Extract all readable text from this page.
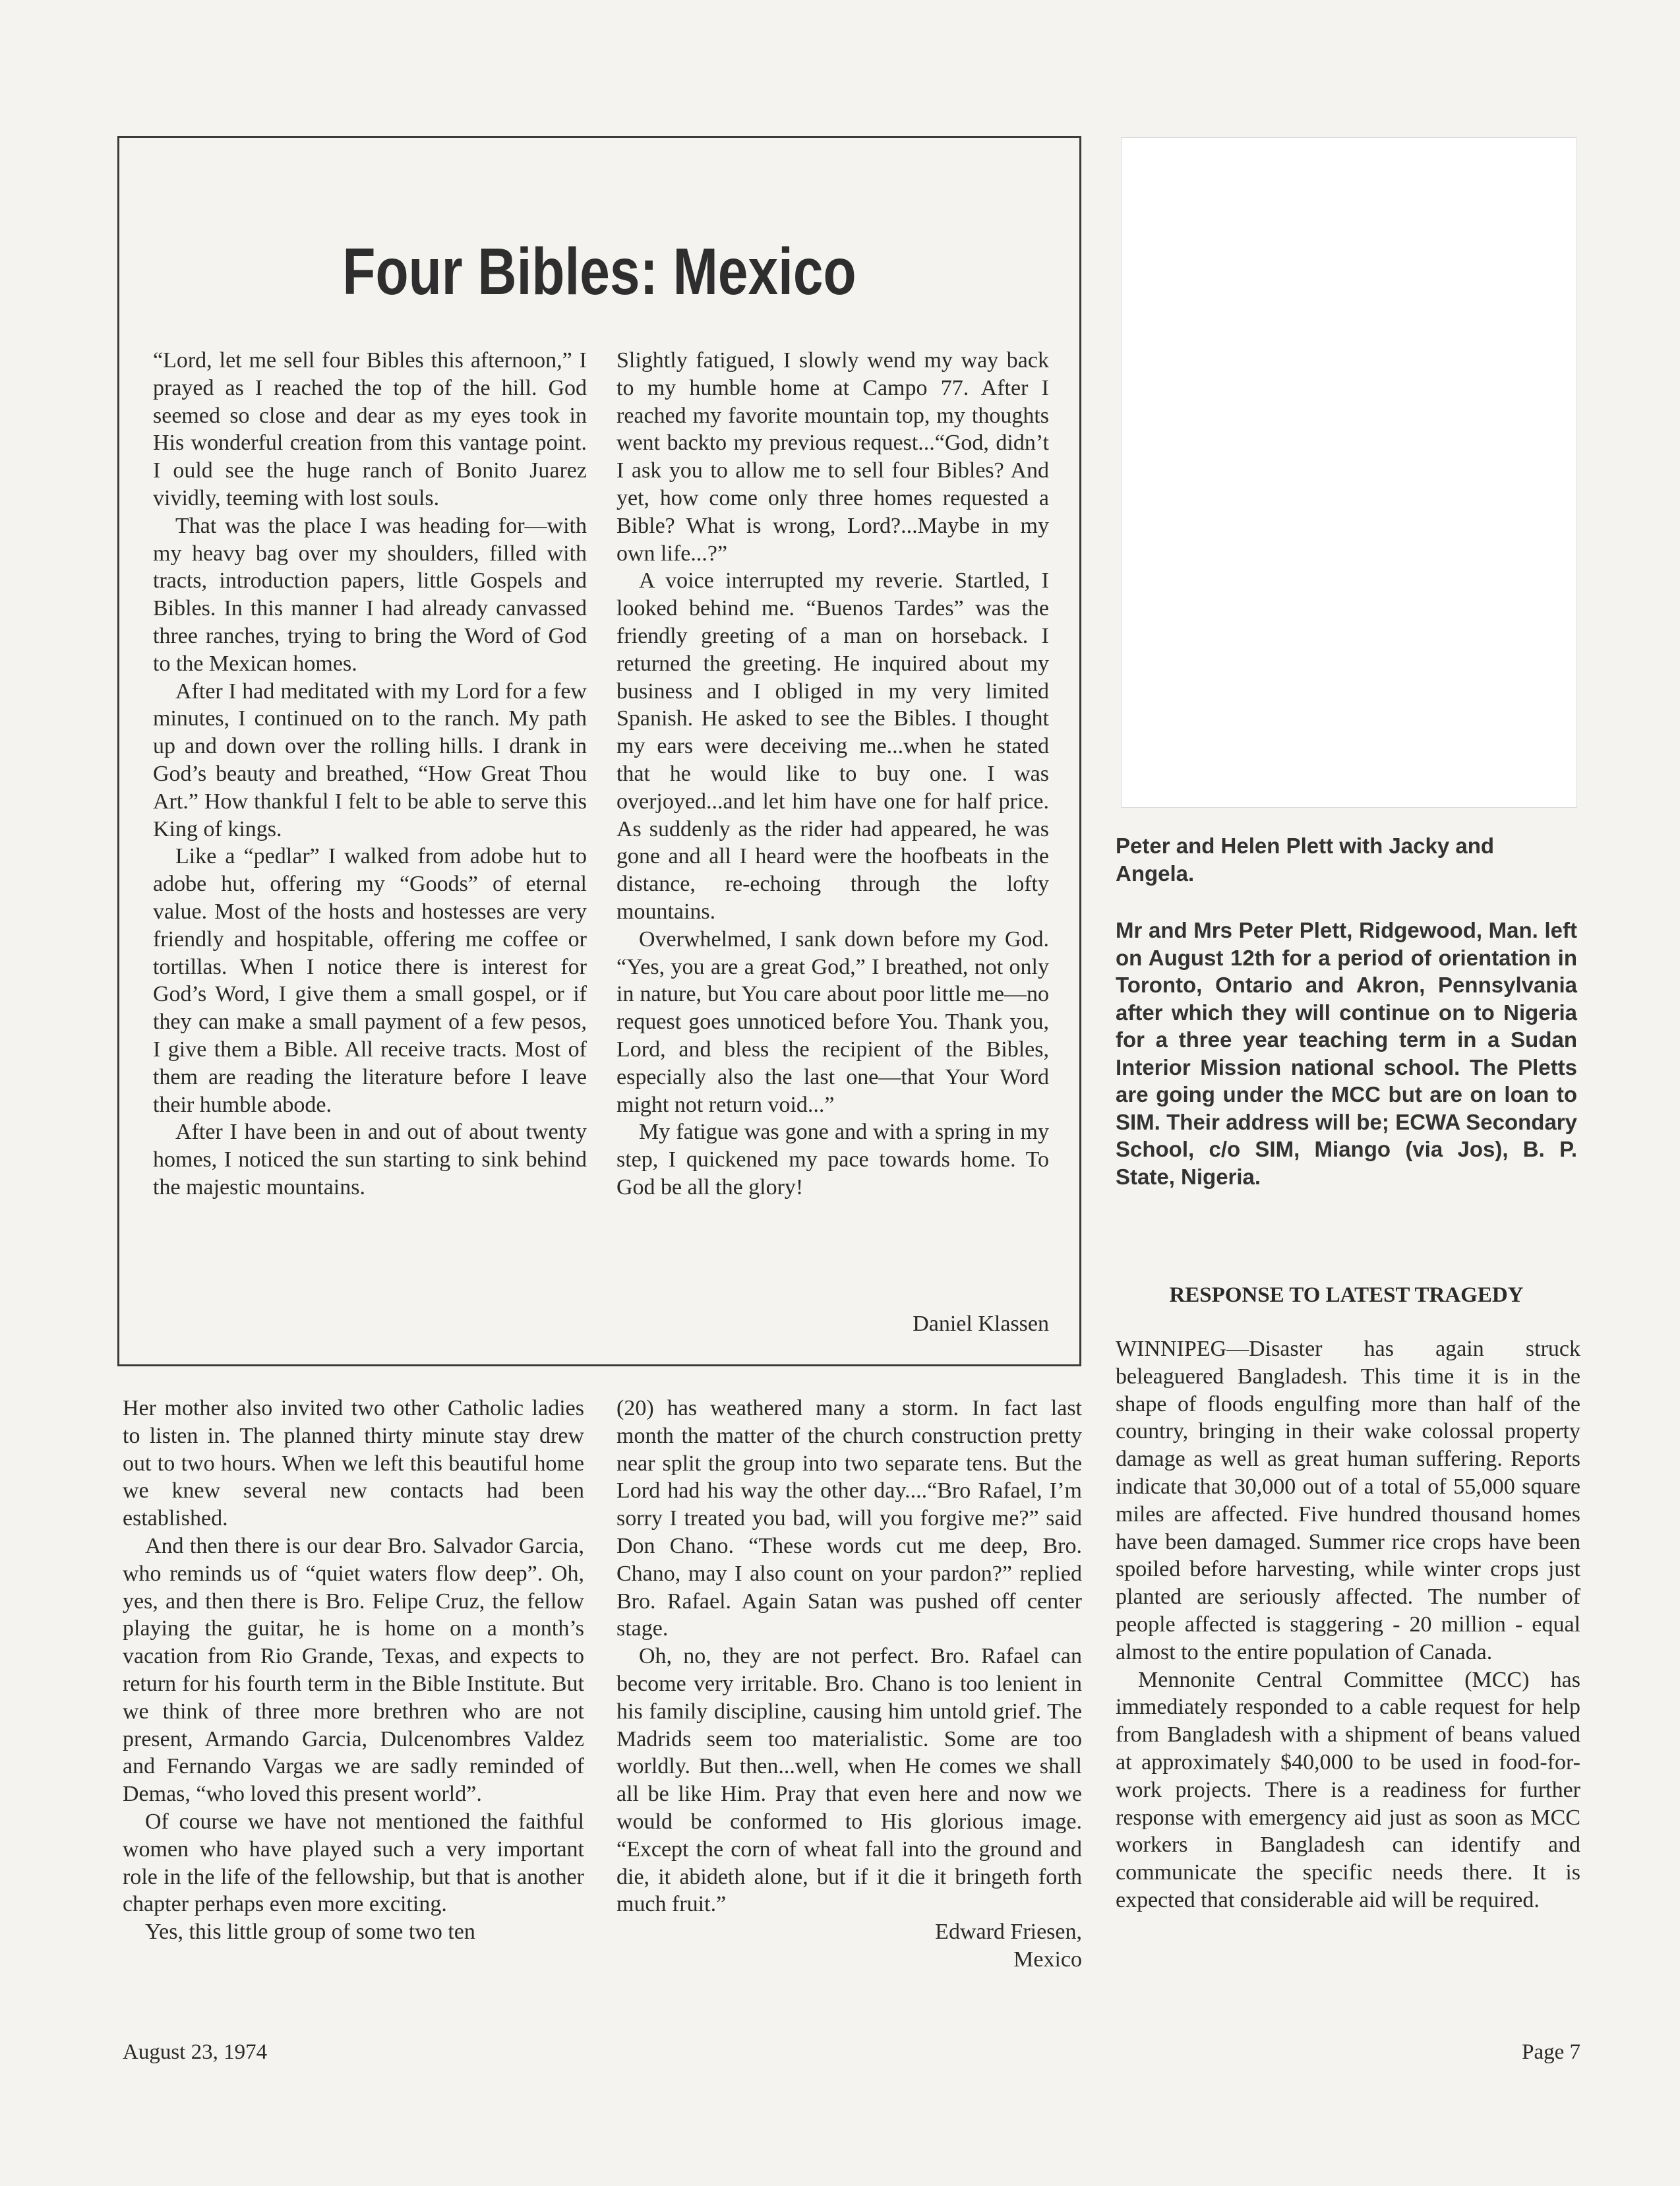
Four Bibles: Mexico

“Lord, let me sell four Bibles this afternoon,” I prayed as I reached the top of the hill. God seemed so close and dear as my eyes took in His wonderful creation from this vantage point. I ould see the huge ranch of Bonito Juarez vividly, teeming with lost souls.

That was the place I was heading for—with my heavy bag over my shoulders, filled with tracts, introduction papers, little Gospels and Bibles. In this manner I had already canvassed three ranches, trying to bring the Word of God to the Mexican homes.

After I had meditated with my Lord for a few minutes, I continued on to the ranch. My path up and down over the rolling hills. I drank in God’s beauty and breathed, “How Great Thou Art.” How thankful I felt to be able to serve this King of kings.

Like a “pedlar” I walked from adobe hut to adobe hut, offering my “Goods” of eternal value. Most of the hosts and hostesses are very friendly and hospitable, offering me coffee or tortillas. When I notice there is interest for God’s Word, I give them a small gospel, or if they can make a small payment of a few pesos, I give them a Bible. All receive tracts. Most of them are reading the literature before I leave their humble abode.

After I have been in and out of about twenty homes, I noticed the sun starting to sink behind the majestic mountains.

Slightly fatigued, I slowly wend my way back to my humble home at Campo 77. After I reached my favorite mountain top, my thoughts went backto my previous request...“God, didn’t I ask you to allow me to sell four Bibles? And yet, how come only three homes requested a Bible? What is wrong, Lord?...Maybe in my own life...?”

A voice interrupted my reverie. Startled, I looked behind me. “Buenos Tardes” was the friendly greeting of a man on horseback. I returned the greeting. He inquired about my business and I obliged in my very limited Spanish. He asked to see the Bibles. I thought my ears were deceiving me...when he stated that he would like to buy one. I was overjoyed...and let him have one for half price. As suddenly as the rider had appeared, he was gone and all I heard were the hoofbeats in the distance, re-echoing through the lofty mountains.

Overwhelmed, I sank down before my God. “Yes, you are a great God,” I breathed, not only in nature, but You care about poor little me—no request goes unnoticed before You. Thank you, Lord, and bless the recipient of the Bibles, especially also the last one—that Your Word might not return void...”

My fatigue was gone and with a spring in my step, I quickened my pace towards home. To God be all the glory!

Daniel Klassen

Her mother also invited two other Catholic ladies to listen in. The planned thirty minute stay drew out to two hours. When we left this beautiful home we knew several new contacts had been established.

And then there is our dear Bro. Salvador Garcia, who reminds us of “quiet waters flow deep”. Oh, yes, and then there is Bro. Felipe Cruz, the fellow playing the guitar, he is home on a month’s vacation from Rio Grande, Texas, and expects to return for his fourth term in the Bible Institute. But we think of three more brethren who are not present, Armando Garcia, Dulcenombres Valdez and Fernando Vargas we are sadly reminded of Demas, “who loved this present world”.

Of course we have not mentioned the faithful women who have played such a very important role in the life of the fellowship, but that is another chapter perhaps even more exciting.

Yes, this little group of some two ten

(20) has weathered many a storm. In fact last month the matter of the church construction pretty near split the group into two separate tens. But the Lord had his way the other day....“Bro Rafael, I’m sorry I treated you bad, will you forgive me?” said Don Chano. “These words cut me deep, Bro. Chano, may I also count on your pardon?” replied Bro. Rafael. Again Satan was pushed off center stage.

Oh, no, they are not perfect. Bro. Rafael can become very irritable. Bro. Chano is too lenient in his family discipline, causing him untold grief. The Madrids seem too materialistic. Some are too worldly. But then...well, when He comes we shall all be like Him. Pray that even here and now we would be conformed to His glorious image. “Except the corn of wheat fall into the ground and die, it abideth alone, but if it die it bringeth forth much fruit.”

Edward Friesen,
Mexico
Peter and Helen Plett with Jacky and Angela.
Mr and Mrs Peter Plett, Ridgewood, Man. left on August 12th for a period of orientation in Toronto, Ontario and Akron, Pennsylvania after which they will continue on to Nigeria for a three year teaching term in a Sudan Interior Mission national school. The Pletts are going under the MCC but are on loan to SIM. Their address will be; ECWA Secondary School, c/o SIM, Miango (via Jos), B. P. State, Nigeria.
RESPONSE TO LATEST TRAGEDY

WINNIPEG—Disaster has again struck beleaguered Bangladesh. This time it is in the shape of floods engulfing more than half of the country, bringing in their wake colossal property damage as well as great human suffering. Reports indicate that 30,000 out of a total of 55,000 square miles are affected. Five hundred thousand homes have been damaged. Summer rice crops have been spoiled before harvesting, while winter crops just planted are seriously affected. The number of people affected is staggering - 20 million - equal almost to the entire population of Canada.

Mennonite Central Committee (MCC) has immediately responded to a cable request for help from Bangladesh with a shipment of beans valued at approximately $40,000 to be used in food-for-work projects. There is a readiness for further response with emergency aid just as soon as MCC workers in Bangladesh can identify and communicate the specific needs there. It is expected that considerable aid will be required.

August 23, 1974	Page 7
